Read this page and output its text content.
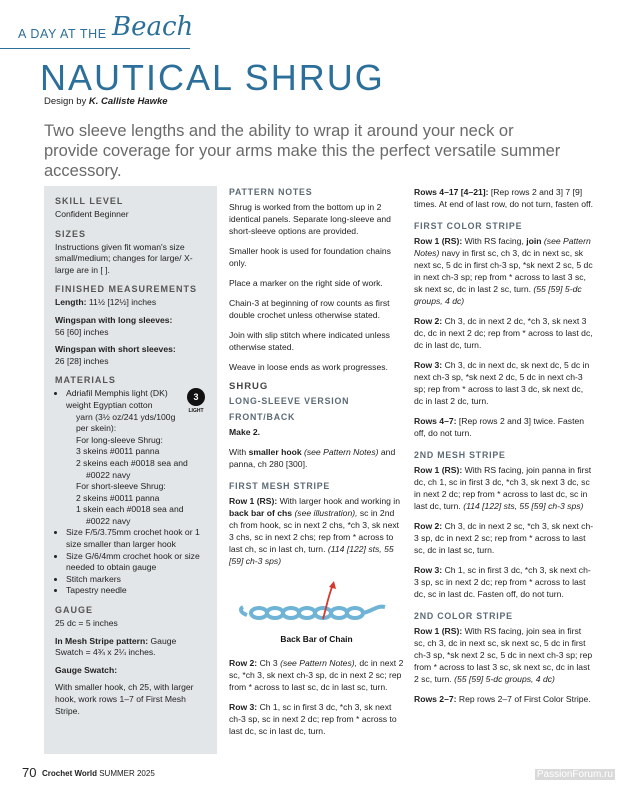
A DAY AT THE Beach
NAUTICAL SHRUG
Design by K. Calliste Hawke
Two sleeve lengths and the ability to wrap it around your neck or provide coverage for your arms make this the perfect versatile summer accessory.
SKILL LEVEL

Confident Beginner

SIZES

Instructions given fit woman's size small/medium; changes for large/ X-large are in [ ].

FINISHED MEASUREMENTS

Length: 11½ [12½] inches

Wingspan with long sleeves:
56 [60] inches

Wingspan with short sleeves:
26 [28] inches

MATERIALS
• 3
LIGHT
Adriafil Memphis light (DK) weight Egyptian cotton
yarn (3½ oz/241 yds/100g per skein):
For long-sleeve Shrug:
3 skeins #0011 panna
2 skeins each #0018 sea and
#0022 navy
For short-sleeve Shrug:
2 skeins #0011 panna
1 skein each #0018 sea and
#0022 navy
• Size F/5/3.75mm crochet hook or 1 size smaller than larger hook
• Size G/6/4mm crochet hook or size needed to obtain gauge
• Stitch markers
• Tapestry needle
GAUGE

25 dc = 5 inches

In Mesh Stripe pattern: Gauge Swatch = 4¾ x 2¼ inches.

Gauge Swatch:

With smaller hook, ch 25, with larger hook, work rows 1–7 of First Mesh Stripe.

PATTERN NOTES

Shrug is worked from the bottom up in 2 identical panels. Separate long-sleeve and short-sleeve options are provided.

Smaller hook is used for foundation chains only.

Place a marker on the right side of work.

Chain-3 at beginning of row counts as first double crochet unless otherwise stated.

Join with slip stitch where indicated unless otherwise stated.

Weave in loose ends as work progresses.

SHRUG
LONG-SLEEVE VERSION
FRONT/BACK

Make 2.

With smaller hook (see Pattern Notes) and panna, ch 280 [300].

FIRST MESH STRIPE

Row 1 (RS): With larger hook and working in back bar of chs (see illustration), sc in 2nd ch from hook, sc in next 2 chs, *ch 3, sk next 3 chs, sc in next 2 chs; rep from * across to last ch, sc in last ch, turn. (114 [122] sts, 55 [59] ch-3 sps)

Back Bar of Chain

Row 2: Ch 3 (see Pattern Notes), dc in next 2 sc, *ch 3, sk next ch-3 sp, dc in next 2 sc; rep from * across to last sc, dc in last sc, turn.

Row 3: Ch 1, sc in first 3 dc, *ch 3, sk next ch-3 sp, sc in next 2 dc; rep from * across to last dc, sc in last dc, turn.

Rows 4–17 [4–21]: [Rep rows 2 and 3] 7 [9] times. At end of last row, do not turn, fasten off.

FIRST COLOR STRIPE

Row 1 (RS): With RS facing, join (see Pattern Notes) navy in first sc, ch 3, dc in next sc, sk next sc, 5 dc in first ch-3 sp, *sk next 2 sc, 5 dc in next ch-3 sp; rep from * across to last 3 sc, sk next sc, dc in last 2 sc, turn. (55 [59] 5-dc groups, 4 dc)

Row 2: Ch 3, dc in next 2 dc, *ch 3, sk next 3 dc, dc in next 2 dc; rep from * across to last dc, dc in last dc, turn.

Row 3: Ch 3, dc in next dc, sk next dc, 5 dc in next ch-3 sp, *sk next 2 dc, 5 dc in next ch-3 sp; rep from * across to last 3 dc, sk next dc, dc in last 2 dc, turn.

Rows 4–7: [Rep rows 2 and 3] twice. Fasten off, do not turn.

2ND MESH STRIPE

Row 1 (RS): With RS facing, join panna in first dc, ch 1, sc in first 3 dc, *ch 3, sk next 3 dc, sc in next 2 dc; rep from * across to last dc, sc in last dc, turn. (114 [122] sts, 55 [59] ch-3 sps)

Row 2: Ch 3, dc in next 2 sc, *ch 3, sk next ch-3 sp, dc in next 2 sc; rep from * across to last sc, dc in last sc, turn.

Row 3: Ch 1, sc in first 3 dc, *ch 3, sk next ch-3 sp, sc in next 2 dc; rep from * across to last dc, sc in last dc. Fasten off, do not turn.

2ND COLOR STRIPE

Row 1 (RS): With RS facing, join sea in first sc, ch 3, dc in next sc, sk next sc, 5 dc in first ch-3 sp, *sk next 2 sc, 5 dc in next ch-3 sp; rep from * across to last 3 sc, sk next sc, dc in last 2 sc, turn. (55 [59] 5-dc groups, 4 dc)

Rows 2–7: Rep rows 2–7 of First Color Stripe.

70 Crochet World SUMMER 2025	PassionForum.ru
